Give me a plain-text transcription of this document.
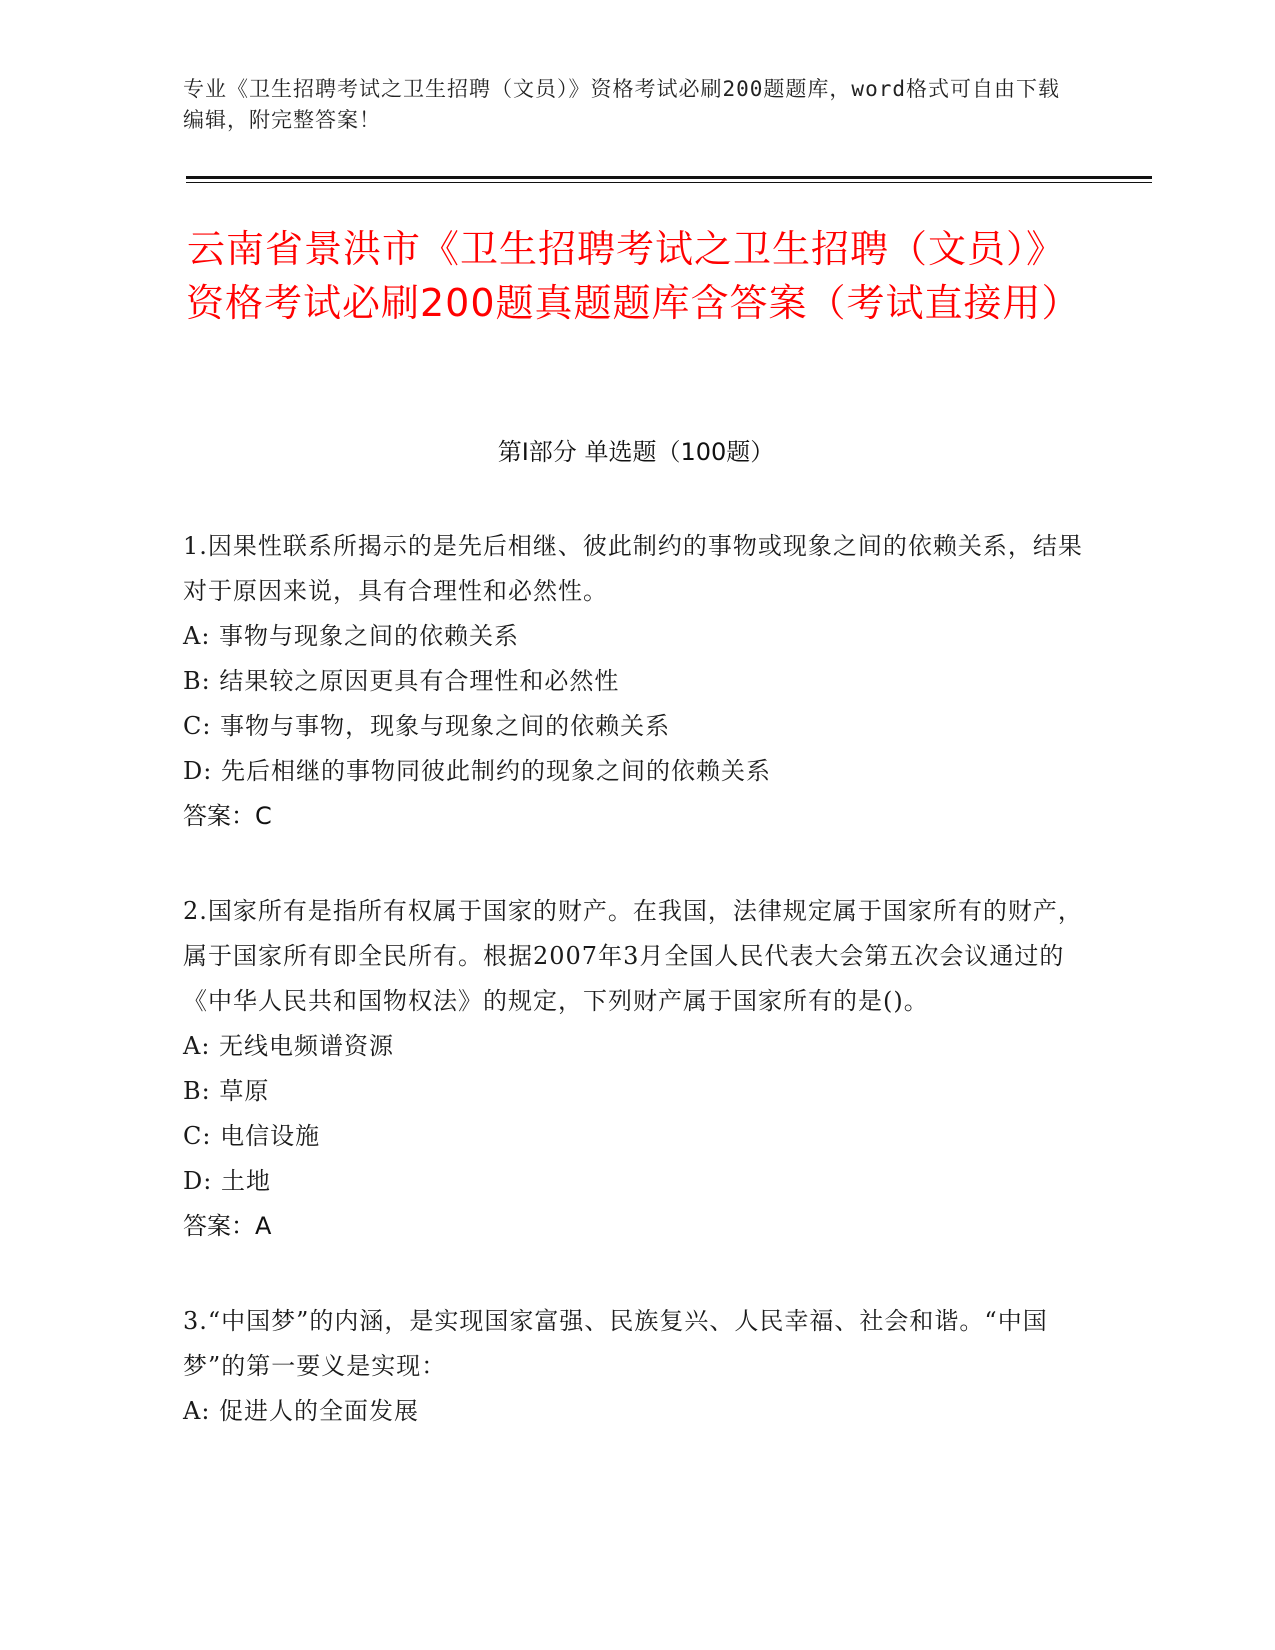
专业《卫生招聘考试之卫生招聘（文员）》资格考试必刷200题题库，word格式可自由下载编辑，附完整答案！
云南省景洪市《卫生招聘考试之卫生招聘（文员）》资格考试必刷200题真题题库含答案（考试直接用）
第Ⅰ部分 单选题（100题）
1.因果性联系所揭示的是先后相继、彼此制约的事物或现象之间的依赖关系，结果对于原因来说，具有合理性和必然性。
A: 事物与现象之间的依赖关系
B: 结果较之原因更具有合理性和必然性
C: 事物与事物，现象与现象之间的依赖关系
D: 先后相继的事物同彼此制约的现象之间的依赖关系
答案：C
2.国家所有是指所有权属于国家的财产。在我国，法律规定属于国家所有的财产，属于国家所有即全民所有。根据2007年3月全国人民代表大会第五次会议通过的《中华人民共和国物权法》的规定，下列财产属于国家所有的是()。
A: 无线电频谱资源
B: 草原
C: 电信设施
D: 土地
答案：A
3.“中国梦”的内涵，是实现国家富强、民族复兴、人民幸福、社会和谐。“中国梦”的第一要义是实现：
A: 促进人的全面发展
